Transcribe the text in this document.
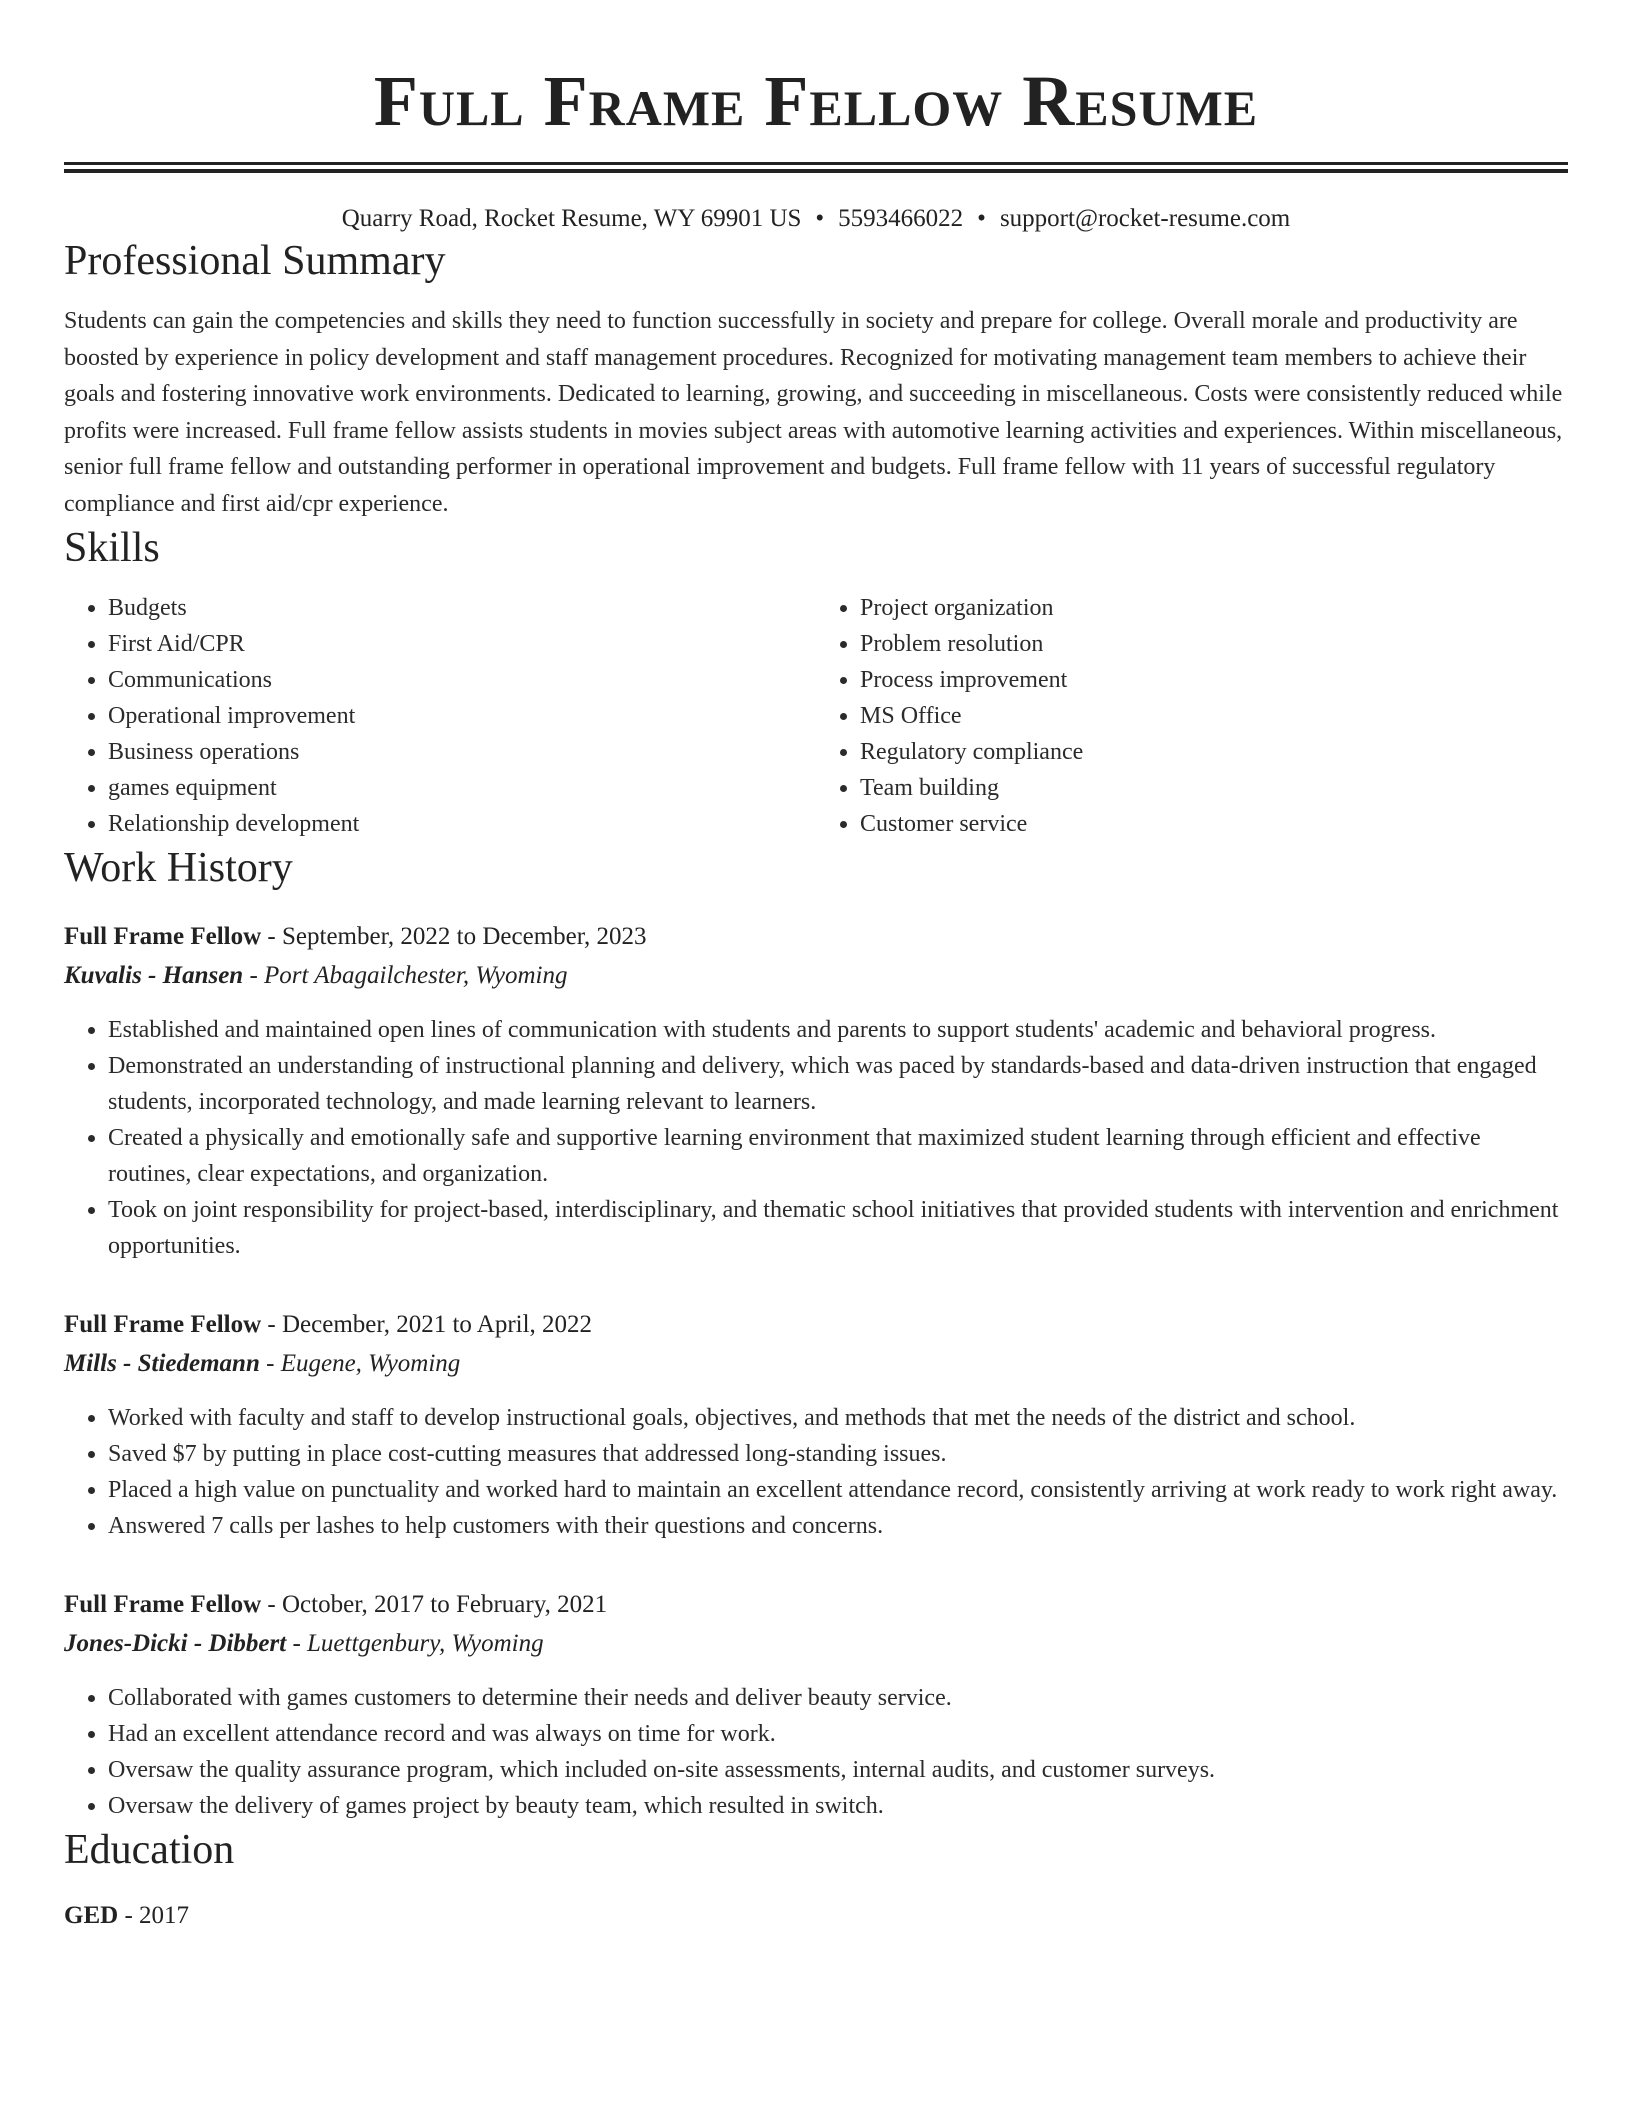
Full Frame Fellow Resume
Quarry Road, Rocket Resume, WY 69901 US • 5593466022 • support@rocket-resume.com
Professional Summary

Students can gain the competencies and skills they need to function successfully in society and prepare for college. Overall morale and productivity are boosted by experience in policy development and staff management procedures. Recognized for motivating management team members to achieve their goals and fostering innovative work environments. Dedicated to learning, growing, and succeeding in miscellaneous. Costs were consistently reduced while profits were increased. Full frame fellow assists students in movies subject areas with automotive learning activities and experiences. Within miscellaneous, senior full frame fellow and outstanding performer in operational improvement and budgets. Full frame fellow with 11 years of successful regulatory compliance and first aid/cpr experience.

Skills
• Budgets
• First Aid/CPR
• Communications
• Operational improvement
• Business operations
• games equipment
• Relationship development
• Project organization
• Problem resolution
• Process improvement
• MS Office
• Regulatory compliance
• Team building
• Customer service
Work History
Full Frame Fellow - September, 2022 to December, 2023
Kuvalis - Hansen - Port Abagailchester, Wyoming
• Established and maintained open lines of communication with students and parents to support students' academic and behavioral progress.
• Demonstrated an understanding of instructional planning and delivery, which was paced by standards-based and data-driven instruction that engaged students, incorporated technology, and made learning relevant to learners.
• Created a physically and emotionally safe and supportive learning environment that maximized student learning through efficient and effective routines, clear expectations, and organization.
• Took on joint responsibility for project-based, interdisciplinary, and thematic school initiatives that provided students with intervention and enrichment opportunities.
Full Frame Fellow - December, 2021 to April, 2022
Mills - Stiedemann - Eugene, Wyoming
• Worked with faculty and staff to develop instructional goals, objectives, and methods that met the needs of the district and school.
• Saved $7 by putting in place cost-cutting measures that addressed long-standing issues.
• Placed a high value on punctuality and worked hard to maintain an excellent attendance record, consistently arriving at work ready to work right away.
• Answered 7 calls per lashes to help customers with their questions and concerns.
Full Frame Fellow - October, 2017 to February, 2021
Jones-Dicki - Dibbert - Luettgenbury, Wyoming
• Collaborated with games customers to determine their needs and deliver beauty service.
• Had an excellent attendance record and was always on time for work.
• Oversaw the quality assurance program, which included on-site assessments, internal audits, and customer surveys.
• Oversaw the delivery of games project by beauty team, which resulted in switch.
Education
GED - 2017
